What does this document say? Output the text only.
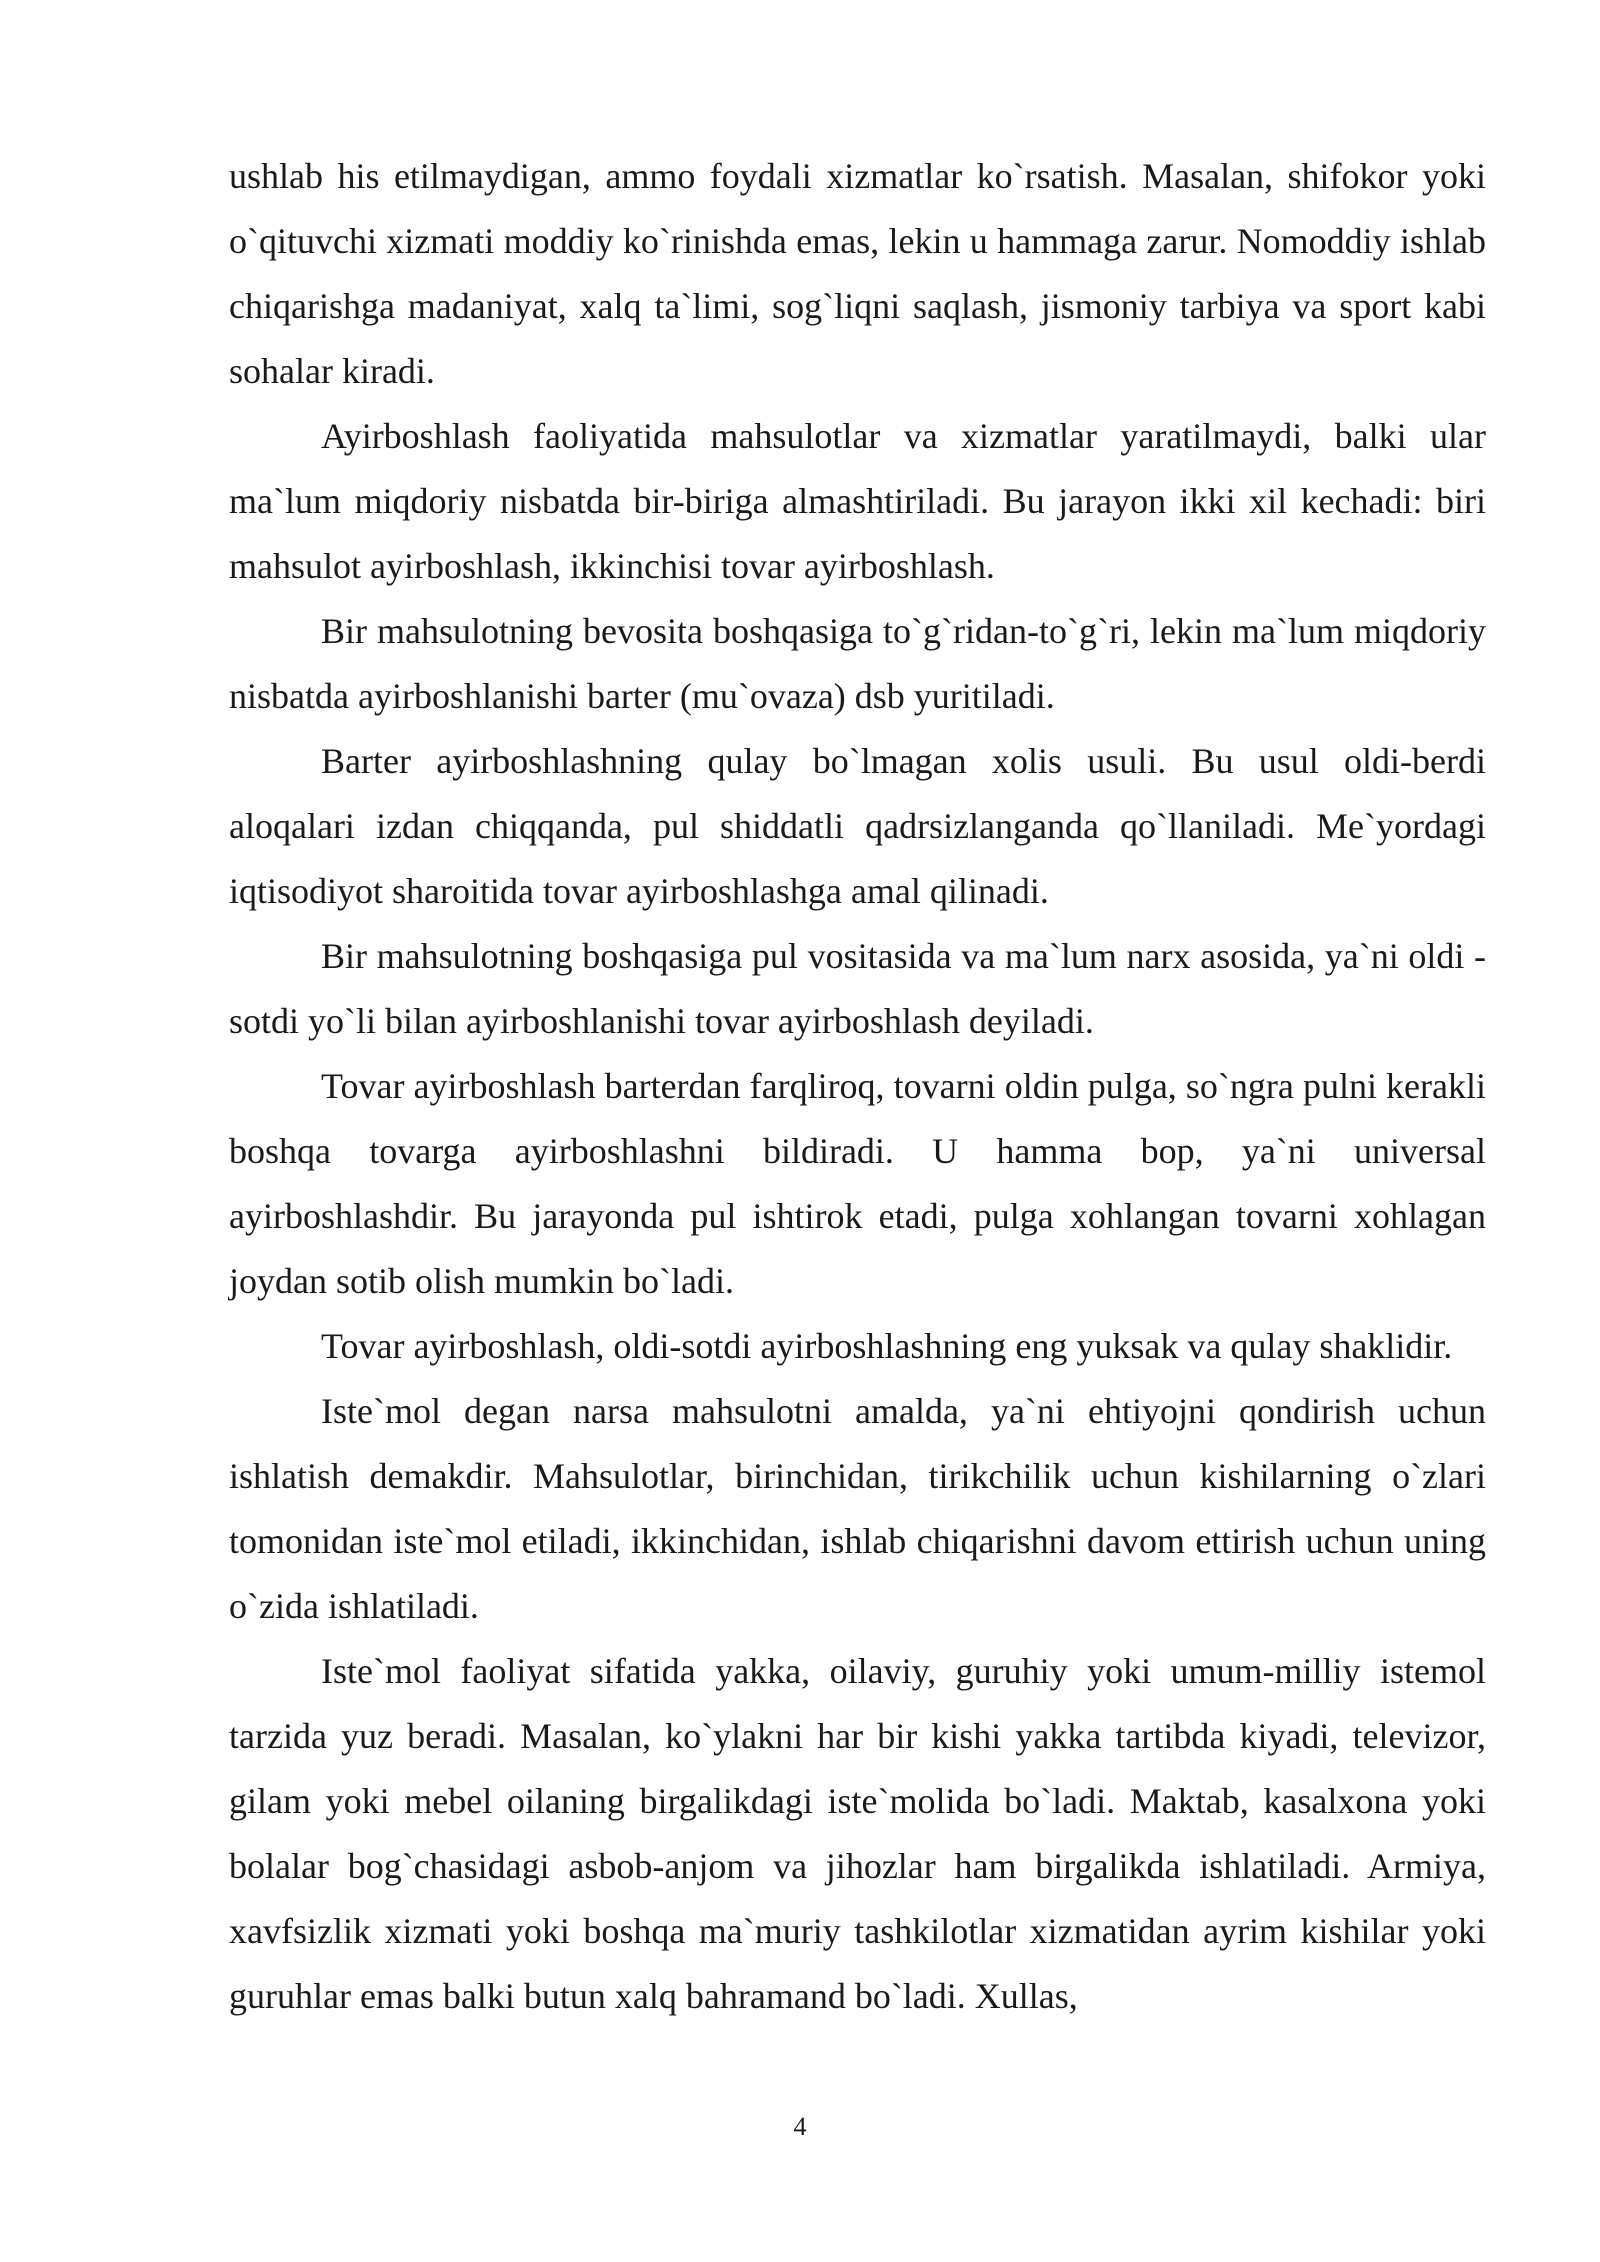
ushlab his etilmaydigan, ammo foydali xizmatlar ko`rsatish. Masalan, shifokor yoki o`qituvchi xizmati moddiy ko`rinishda emas, lekin u hammaga zarur. Nomoddiy ishlab chiqarishga madaniyat, xalq ta`limi, sog`liqni saqlash, jismoniy tarbiya va sport kabi sohalar kiradi.

Ayirboshlash faoliyatida mahsulotlar va xizmatlar yaratilmaydi, balki ular ma`lum miqdoriy nisbatda bir-biriga almashtiriladi. Bu jarayon ikki xil kechadi: biri mahsulot ayirboshlash, ikkinchisi tovar ayirboshlash.

Bir mahsulotning bevosita boshqasiga to`g`ridan-to`g`ri, lekin ma`lum miqdoriy nisbatda ayirboshlanishi barter (mu`ovaza) dsb yuritiladi.

Barter ayirboshlashning qulay bo`lmagan xolis usuli. Bu usul oldi-berdi aloqalari izdan chiqqanda, pul shiddatli qadrsizlanganda qo`llaniladi. Me`yordagi iqtisodiyot sharoitida tovar ayirboshlashga amal qilinadi.

Bir mahsulotning boshqasiga pul vositasida va ma`lum narx asosida, ya`ni oldi - sotdi yo`li bilan ayirboshlanishi tovar ayirboshlash deyiladi.

Tovar ayirboshlash barterdan farqliroq, tovarni oldin pulga, so`ngra pulni kerakli boshqa tovarga ayirboshlashni bildiradi. U hamma bop, ya`ni universal ayirboshlashdir. Bu jarayonda pul ishtirok etadi, pulga xohlangan tovarni xohlagan joydan sotib olish mumkin bo`ladi.

Tovar ayirboshlash, oldi-sotdi ayirboshlashning eng yuksak va qulay shaklidir.

Iste`mol degan narsa mahsulotni amalda, ya`ni ehtiyojni qondirish uchun ishlatish demakdir. Mahsulotlar, birinchidan, tirikchilik uchun kishilarning o`zlari tomonidan iste`mol etiladi, ikkinchidan, ishlab chiqarishni davom ettirish uchun uning o`zida ishlatiladi.

Iste`mol faoliyat sifatida yakka, oilaviy, guruhiy yoki umum-milliy istemol tarzida yuz beradi. Masalan, ko`ylakni har bir kishi yakka tartibda kiyadi, televizor, gilam yoki mebel oilaning birgalikdagi iste`molida bo`ladi. Maktab, kasalxona yoki bolalar bog`chasidagi asbob-anjom va jihozlar ham birgalikda ishlatiladi. Armiya, xavfsizlik xizmati yoki boshqa ma`muriy tashkilotlar xizmatidan ayrim kishilar yoki guruhlar emas balki butun xalq bahramand bo`ladi. Xullas,

4
